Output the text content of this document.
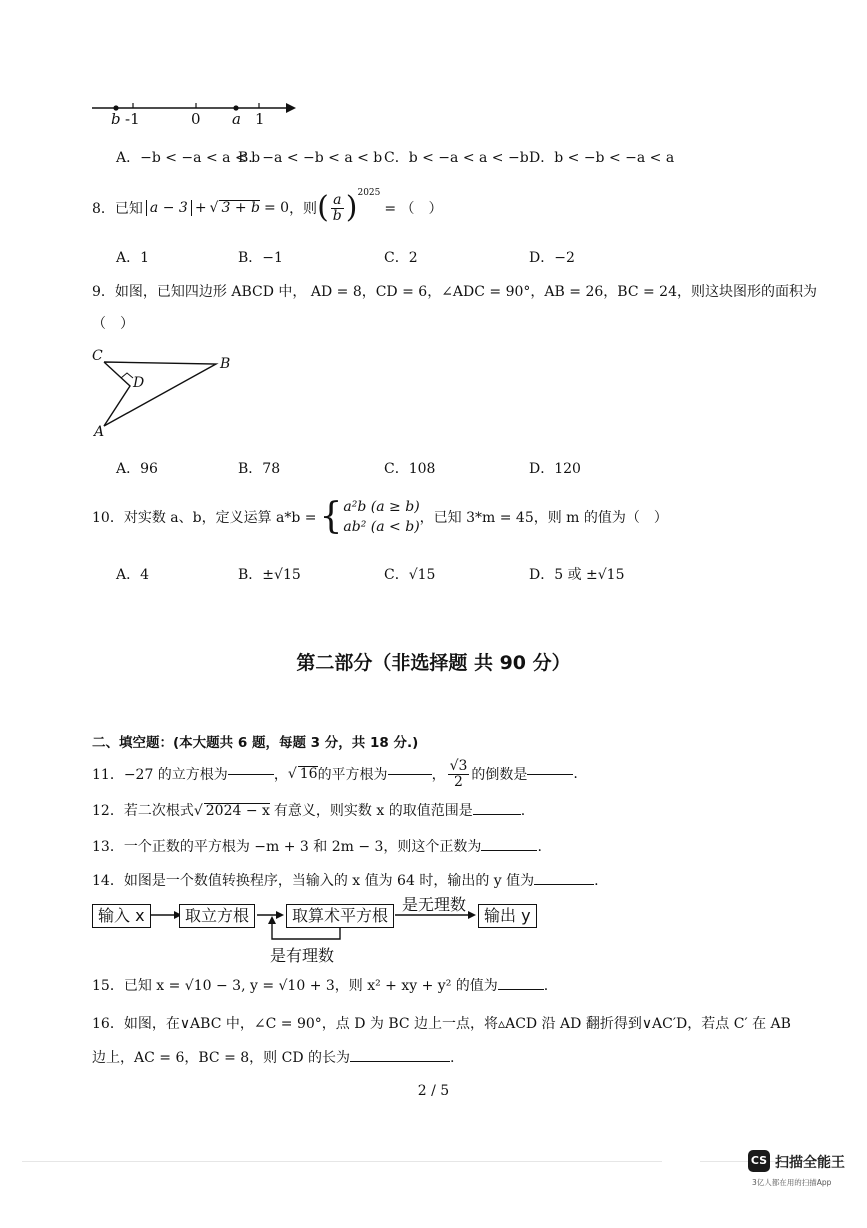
b -1	0 a 1
A．−b < −a < a < b
B．−a < −b < a < b C．b < −a < a < −b D．b < −b < −a < a
8． 已知 a − 3 + √ 3 + b = 0 ，则 ( $\frac{a}{b}$ ) 2025
= （　）
A．1	B．−1	C．2	D．−2
9．如图，已知四边形 ABCD 中， AD = 8，CD = 6，∠ADC = 90°，AB = 26，BC = 24，则这块图形的面积为
（　）
C
D
B
A
A．96	B．78	C．108	D．120
10．对实数 a、b，定义运算 a*b = { a²b (a ≥ b)
ab² (a < b)
，已知 3*m = 45，则 m 的值为（　）
A．4	B．±√15	C．√15	D．5 或 ±√15
第二部分（非选择题 共 90 分）
二、填空题：(本大题共 6 题，每题 3 分，共 18 分.)
11．−27 的立方根为	， √ 16 的平方根为	， $\frac{√3}{2}$ 的倒数是	.
12．若二次根式 √ 2024 − x 有意义，则实数 x 的取值范围是	.
13．一个正数的平方根为 −m + 3 和 2m − 3，则这个正数为	.
14．如图是一个数值转换程序，当输入的 x 值为 64 时，输出的 y 值为	.
输入 x	取立方根	取算术平方根
是无理数
输出 y
是有理数
15．已知 x = √10 − 3, y = √10 + 3，则 x² + xy + y² 的值为	.
16．如图，在∨ABC 中，∠C = 90°，点 D 为 BC 边上一点，将▵ACD 沿 AD 翻折得到∨AC′D，若点 C′ 在 AB
边上，AC = 6，BC = 8，则 CD 的长为	.
2 / 5
CS 扫描全能王
3亿人都在用的扫描App
